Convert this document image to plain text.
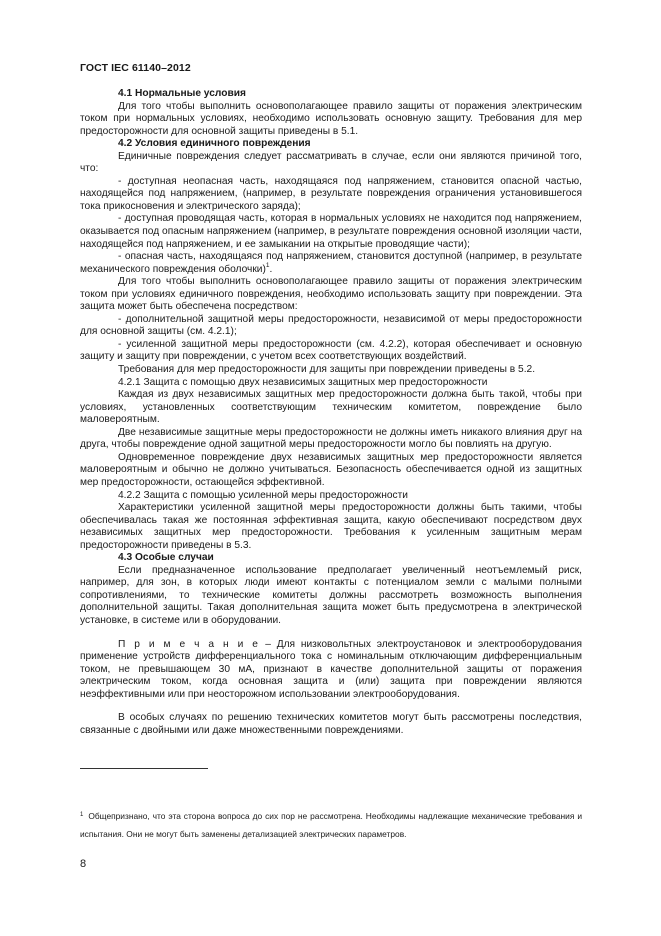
ГОСТ IEC 61140–2012

4.1 Нормальные условия

Для того чтобы выполнить основополагающее правило защиты от поражения электрическим током при нормальных условиях, необходимо использовать основную защиту. Требования для мер предосторожности для основной защиты приведены в 5.1.

4.2 Условия единичного повреждения

Единичные повреждения следует рассматривать в случае, если они являются причиной того, что:

- доступная неопасная часть, находящаяся под напряжением, становится опасной частью, находящейся под напряжением, (например, в результате повреждения ограничения установившегося тока прикосновения и электрического заряда);

- доступная проводящая часть, которая в нормальных условиях не находится под напряжением, оказывается под опасным напряжением (например, в результате повреждения основной изоляции части, находящейся под напряжением, и ее замыкании на открытые проводящие части);

- опасная часть, находящаяся под напряжением, становится доступной (например, в результате механического повреждения оболочки)$^1$.

Для того чтобы выполнить основополагающее правило защиты от поражения электрическим током при условиях единичного повреждения, необходимо использовать защиту при повреждении. Эта защита может быть обеспечена посредством:

- дополнительной защитной меры предосторожности, независимой от меры предосторожности для основной защиты (см. 4.2.1);

- усиленной защитной меры предосторожности (см. 4.2.2), которая обеспечивает и основную защиту и защиту при повреждении, с учетом всех соответствующих воздействий.

Требования для мер предосторожности для защиты при повреждении приведены в 5.2.

4.2.1 Защита с помощью двух независимых защитных мер предосторожности

Каждая из двух независимых защитных мер предосторожности должна быть такой, чтобы при условиях, установленных соответствующим техническим комитетом, повреждение было маловероятным.

Две независимые защитные меры предосторожности не должны иметь никакого влияния друг на друга, чтобы повреждение одной защитной меры предосторожности могло бы повлиять на другую.

Одновременное повреждение двух независимых защитных мер предосторожности является маловероятным и обычно не должно учитываться. Безопасность обеспечивается одной из защитных мер предосторожности, остающейся эффективной.

4.2.2 Защита с помощью усиленной меры предосторожности

Характеристики усиленной защитной меры предосторожности должны быть такими, чтобы обеспечивалась такая же постоянная эффективная защита, какую обеспечивают посредством двух независимых защитных мер предосторожности. Требования к усиленным защитным мерам предосторожности приведены в 5.3.

4.3 Особые случаи

Если предназначенное использование предполагает увеличенный неотъемлемый риск, например, для зон, в которых люди имеют контакты с потенциалом земли с малыми полными сопротивлениями, то технические комитеты должны рассмотреть возможность выполнения дополнительной защиты. Такая дополнительная защита может быть предусмотрена в электрической установке, в системе или в оборудовании.

П р и м е ч а н и е – Для низковольтных электроустановок и электрооборудования применение устройств дифференциального тока с номинальным отключающим дифференциальным током, не превышающем 30 мА, признают в качестве дополнительной защиты от поражения электрическим током, когда основная защита и (или) защита при повреждении являются неэффективными или при неосторожном использовании электрооборудования.

В особых случаях по решению технических комитетов могут быть рассмотрены последствия, связанные с двойными или даже множественными повреждениями.

$^1$ Общепризнано, что эта сторона вопроса до сих пор не рассмотрена. Необходимы надлежащие механические требования и испытания. Они не могут быть заменены детализацией электрических параметров.
8
